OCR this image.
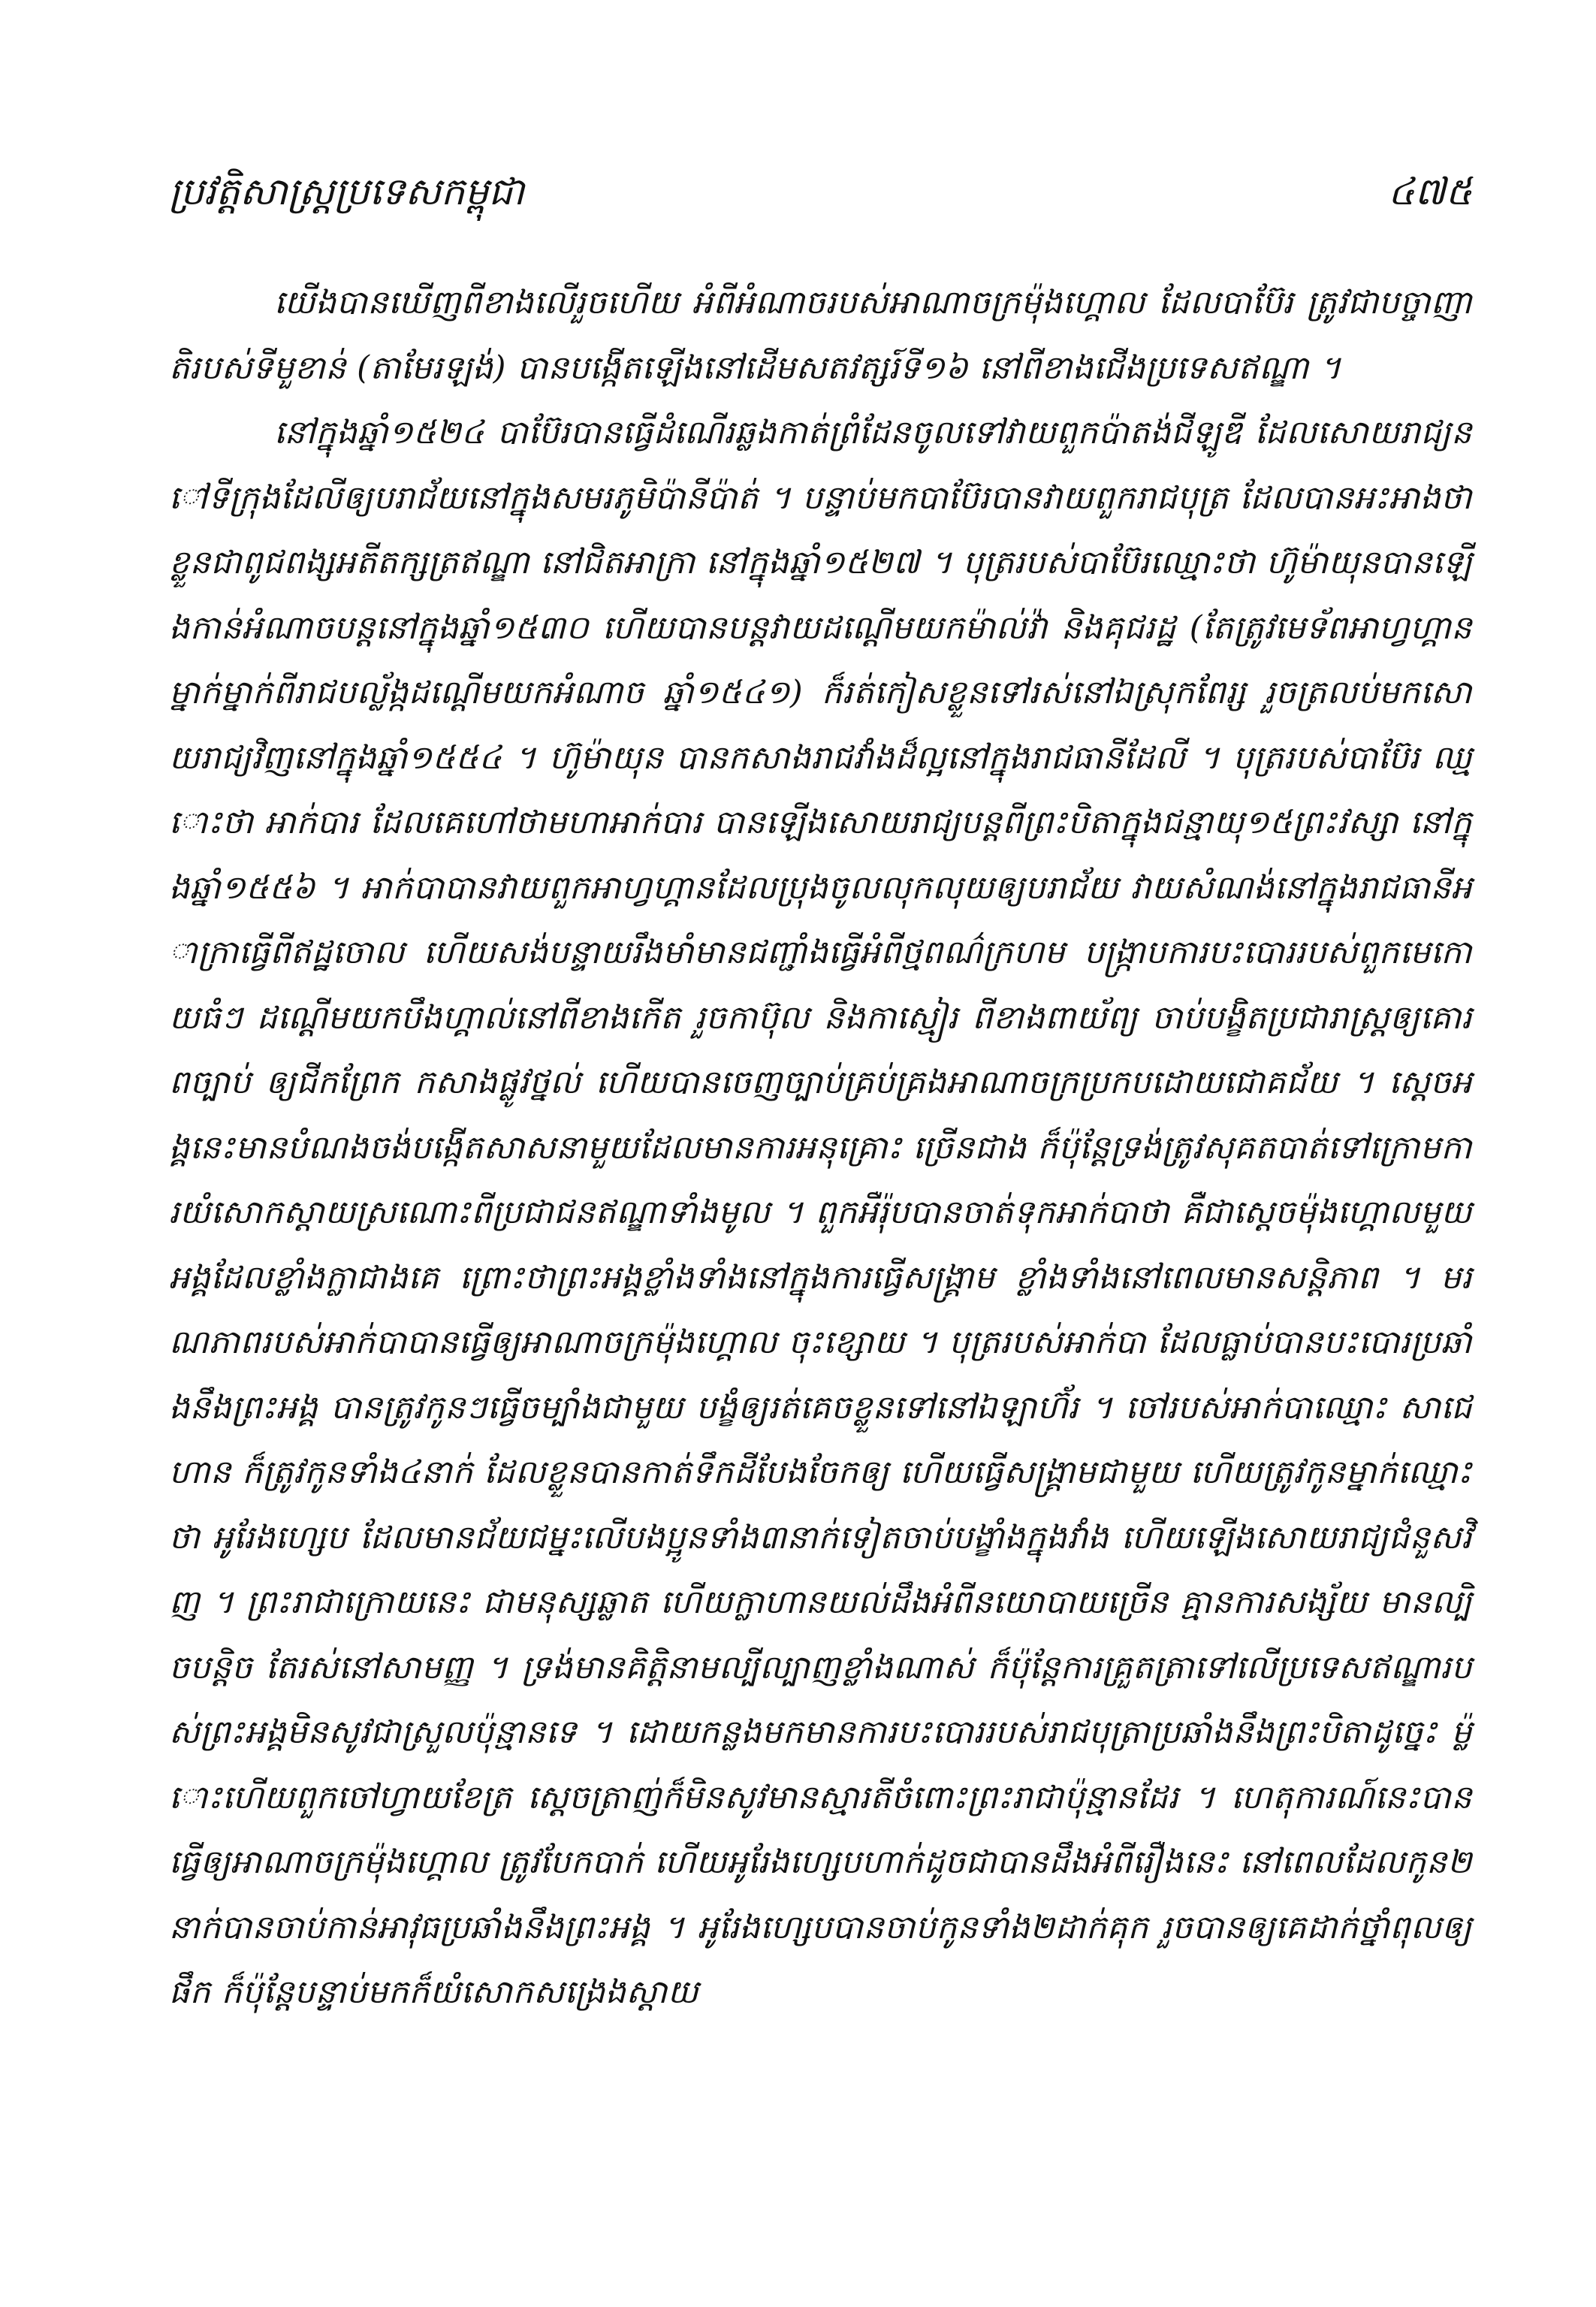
ប្រវត្តិសាស្ត្រប្រទេសកម្ពុជា	៤៧៥

យើងបានឃើញពីខាងលើរួចហើយ អំពីអំណាចរបស់អាណាចក្រម៉ុងហ្គោល ដែលបាប៊ែរ ត្រូវជាបច្ចាញាតិរបស់ទីមួខាន់ (តាមែរឡង់) បានបង្កើតឡើងនៅដើមសតវត្សរ៍ទី១៦ នៅពីខាងជើងប្រទេសឥណ្ឌា ។

នៅក្នុងឆ្នាំ១៥២៤ បាប៊ែរបានធ្វើដំណើរឆ្លងកាត់ព្រំដែនចូលទៅវាយពួកប៉ាតង់ជីឡូឌី ដែលសោយរាជ្យនៅទីក្រុងដែលីឲ្យបរាជ័យនៅក្នុងសមរភូមិប៉ានីប៉ាត់ ។ បន្ទាប់មកបាប៊ែរបានវាយពួករាជបុត្រ ដែលបានអះអាងថា ខ្លួនជាពូជពង្សអតីតក្សត្រឥណ្ឌា នៅជិតអាក្រា នៅក្នុងឆ្នាំ១៥២៧ ។ បុត្ររបស់បាប៊ែរឈ្មោះថា ហ៊ូម៉ាយុនបានឡើងកាន់អំណាចបន្តនៅក្នុងឆ្នាំ១៥៣០ ហើយបានបន្តវាយដណ្តើមយកម៉ាល់វ៉ា និងគុជរដ្ឋ (តែត្រូវមេទ័ពអាហ្វហ្គានម្នាក់ម្នាក់ពីរាជបល្ល័ង្កដណ្តើមយកអំណាច ឆ្នាំ១៥៤១) ក៏រត់កៀសខ្លួនទៅរស់នៅឯស្រុកពែរ្ស រួចត្រលប់មកសោយរាជ្យវិញនៅក្នុងឆ្នាំ១៥៥៤ ។ ហ៊ូម៉ាយុន បានកសាងរាជវាំងដ៏ល្អនៅក្នុងរាជធានីដែលី ។ បុត្ររបស់បាប៊ែរ ឈ្មោះថា អាក់បារ ដែលគេហៅថាមហាអាក់បារ បានឡើងសោយរាជ្យបន្តពីព្រះបិតាក្នុងជន្មាយុ១៥ព្រះវស្សា នៅក្នុងឆ្នាំ១៥៥៦ ។ អាក់បាបានវាយពួកអាហ្វហ្គានដែលប្រុងចូលលុកលុយឲ្យបរាជ័យ វាយសំណង់នៅក្នុងរាជធានីអាក្រាធ្វើពីឥដ្ឋចោល ហើយសង់បន្ទាយរឹងមាំមានជញ្ជាំងធ្វើអំពីថ្មពណ៌ក្រហម បង្ក្រាបការបះបោររបស់ពួកមេកោយធំៗ ដណ្តើមយកបឹងហ្គាល់នៅពីខាងកើត រួចកាប៊ុល និងកាស្មៀរ ពីខាងពាយ័ព្យ ចាប់បង្ខិតប្រជារាស្ត្រឲ្យគោរពច្បាប់ ឲ្យជីកព្រែក កសាងផ្លូវថ្នល់ ហើយបានចេញច្បាប់គ្រប់គ្រងអាណាចក្រប្រកបដោយជោគជ័យ ។ ស្តេចអង្គនេះមានបំណងចង់បង្កើតសាសនាមួយដែលមានការអនុគ្រោះ ច្រើនជាង ក៏ប៉ុន្តែទ្រង់ត្រូវសុគតបាត់ទៅក្រោមការយំសោកស្តាយស្រណោះពីប្រជាជនឥណ្ឌាទាំងមូល ។ ពួកអឺរ៉ុបបានចាត់ទុកអាក់បាថា គឺជាស្តេចម៉ុងហ្គោលមួយអង្គដែលខ្លាំងក្លាជាងគេ ព្រោះថាព្រះអង្គខ្លាំងទាំងនៅក្នុងការធ្វើសង្គ្រាម ខ្លាំងទាំងនៅពេលមានសន្តិភាព ។ មរណភាពរបស់អាក់បាបានធ្វើឲ្យអាណាចក្រម៉ុងហ្គោល ចុះខ្សោយ ។ បុត្ររបស់អាក់បា ដែលធ្លាប់បានបះបោរប្រឆាំងនឹងព្រះអង្គ បានត្រូវកូនៗធ្វើចម្បាំងជាមួយ បង្ខំឲ្យរត់គេចខ្លួនទៅនៅឯឡាហ៊័រ ។ ចៅរបស់អាក់បាឈ្មោះ សាជេហាន ក៏ត្រូវកូនទាំង៤នាក់ ដែលខ្លួនបានកាត់ទឹកដីបែងចែកឲ្យ ហើយធ្វើសង្គ្រាមជាមួយ ហើយត្រូវកូនម្នាក់ឈ្មោះថា អូរែងហ្សេប ដែលមានជ័យជម្នះលើបងប្អូនទាំង៣នាក់ទៀតចាប់បង្ខាំងក្នុងវាំង ហើយឡើងសោយរាជ្យជំនួសវិញ ។ ព្រះរាជាក្រោយនេះ ជាមនុស្សឆ្លាត ហើយក្លាហានយល់ដឹងអំពីនយោបាយច្រើន គ្មានការសង្ស័យ មានល្បិចបន្តិច តែរស់នៅសាមញ្ញ ។ ទ្រង់មានគិត្តិនាមល្បីល្បាញខ្លាំងណាស់ ក៏ប៉ុន្តែការគ្រួតត្រាទៅលើប្រទេសឥណ្ឌារបស់ព្រះអង្គមិនសូវជាស្រួលប៉ុន្មានទេ ។ ដោយកន្លងមកមានការបះបោររបស់រាជបុត្រាប្រឆាំងនឹងព្រះបិតាដូច្នេះ ម៉្លោះហើយពួកចៅហ្វាយខែត្រ ស្តេចត្រាញ់ក៏មិនសូវមានស្មារតីចំពោះព្រះរាជាប៉ុន្មានដែរ ។ ហេតុការណ៍នេះបានធ្វើឲ្យអាណាចក្រម៉ុងហ្គោល ត្រូវបែកបាក់ ហើយអូរែងហ្សេបហាក់ដូចជាបានដឹងអំពីរឿងនេះ នៅពេលដែលកូន២នាក់បានចាប់កាន់អាវុធប្រឆាំងនឹងព្រះអង្គ ។ អូរែងហ្សេបបានចាប់កូនទាំង២ដាក់គុក រួចបានឲ្យគេដាក់ថ្នាំពុលឲ្យផឹក ក៏ប៉ុន្តែបន្ទាប់មកក៏យំសោកសង្រេងស្តាយ
